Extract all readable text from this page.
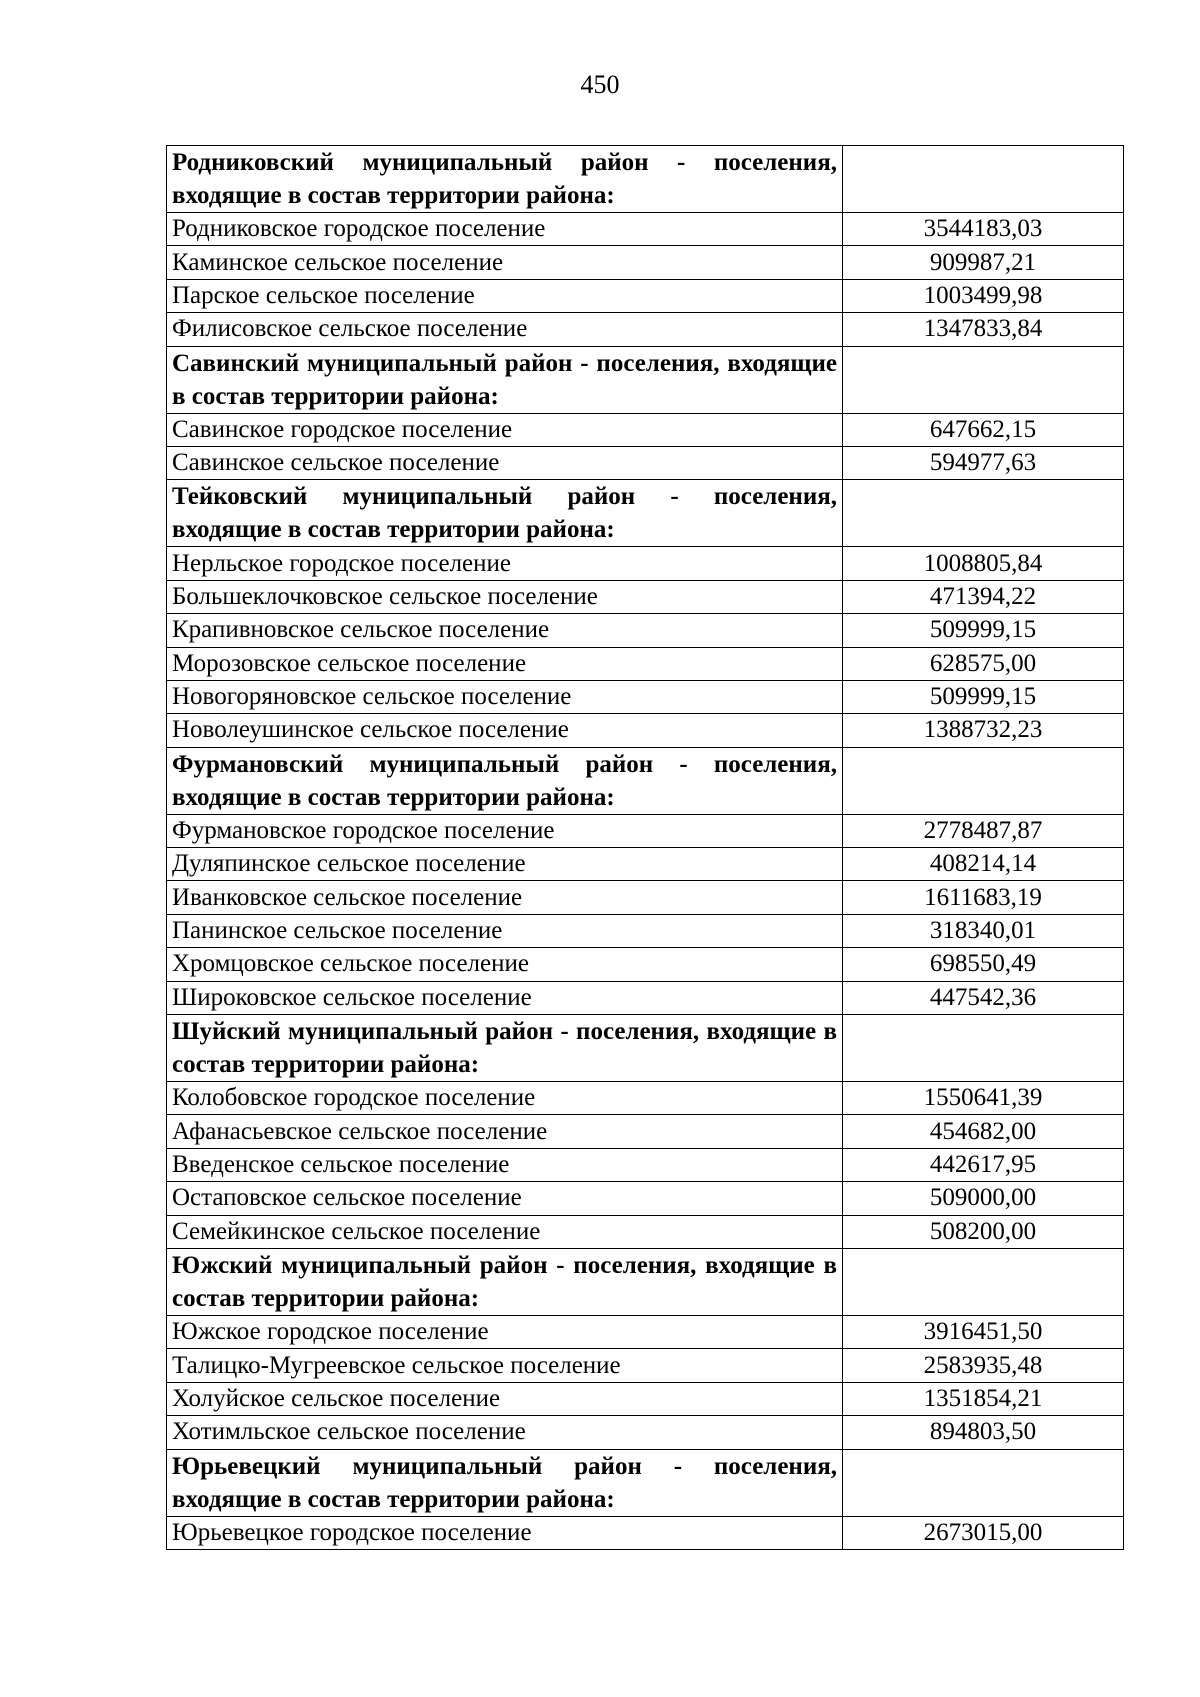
450
Родниковский муниципальный район - поселения, входящие в состав территории района:	
Родниковское городское поселение	3544183,03
Каминское сельское поселение	909987,21
Парское сельское поселение	1003499,98
Филисовское сельское поселение	1347833,84
Савинский муниципальный район - поселения, входящие в состав территории района:	
Савинское городское поселение	647662,15
Савинское сельское поселение	594977,63
Тейковский муниципальный район - поселения, входящие в состав территории района:	
Нерльское городское поселение	1008805,84
Большеклочковское сельское поселение	471394,22
Крапивновское сельское поселение	509999,15
Морозовское сельское поселение	628575,00
Новогоряновское сельское поселение	509999,15
Новолеушинское сельское поселение	1388732,23
Фурмановский муниципальный район - поселения, входящие в состав территории района:	
Фурмановское городское поселение	2778487,87
Дуляпинское сельское поселение	408214,14
Иванковское сельское поселение	1611683,19
Панинское сельское поселение	318340,01
Хромцовское сельское поселение	698550,49
Широковское сельское поселение	447542,36
Шуйский муниципальный район - поселения, входящие в состав территории района:	
Колобовское городское поселение	1550641,39
Афанасьевское сельское поселение	454682,00
Введенское сельское поселение	442617,95
Остаповское сельское поселение	509000,00
Семейкинское сельское поселение	508200,00
Южский муниципальный район - поселения, входящие в состав территории района:	
Южское городское поселение	3916451,50
Талицко-Мугреевское сельское поселение	2583935,48
Холуйское сельское поселение	1351854,21
Хотимльское сельское поселение	894803,50
Юрьевецкий муниципальный район - поселения, входящие в состав территории района:	
Юрьевецкое городское поселение	2673015,00
